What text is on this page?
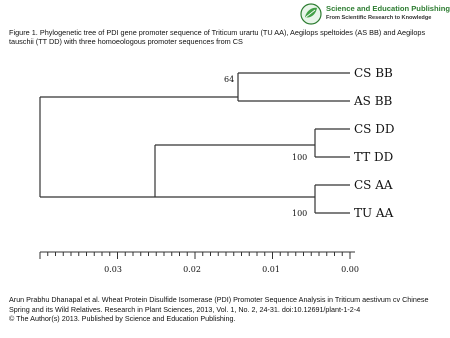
Science and Education Publishing
From Scientific Research to Knowledge
Figure 1. Phylogenetic tree of PDI gene promoter sequence of Triticum urartu (TU AA), Aegilops speltoides (AS BB) and Aegilops tauschii (TT DD) with three homoeologous promoter sequences from CS
CS BB
AS BB
CS DD
TT DD
CS AA
TU AA
64
100
100
0.03	0.02	0.01	0.00
Arun Prabhu Dhanapal et al. Wheat Protein Disulfide Isomerase (PDI) Promoter Sequence Analysis in Triticum aestivum cv Chinese Spring and its Wild Relatives. Research in Plant Sciences, 2013, Vol. 1, No. 2, 24-31. doi:10.12691/plant-1-2-4
© The Author(s) 2013. Published by Science and Education Publishing.
